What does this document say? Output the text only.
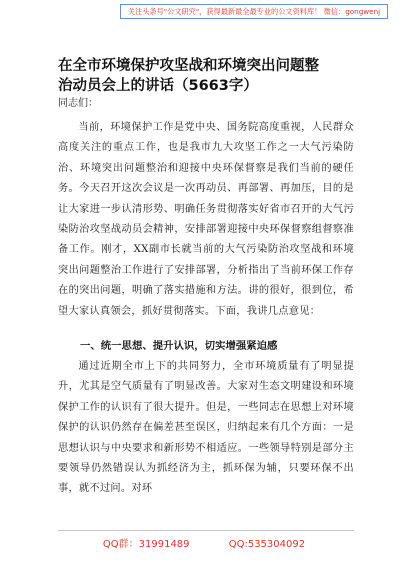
关注头条号"公文研究"，获得最新最全最专业的公文资料库！ 微信：gongwenj
在全市环境保护攻坚战和环境突出问题整
治动员会上的讲话（5663字）
同志们：
当前，环境保护工作是党中央、国务院高度重视，人民群众高度关注的重点工作，也是我市九大攻坚工作之一大气污染防治、环境突出问题整治和迎接中央环保督察是我们当前的硬任务。今天召开这次会议是一次再动员、再部署、再加压，目的是让大家进一步认清形势、明确任务贯彻落实好省市召开的大气污染防治攻坚战动员会精神，安排部署迎接中央环保督察组督察准备工作。刚才，XX副市长就当前的大气污染防治攻坚战和环境突出问题整治工作进行了安排部署，分析指出了当前环保工作存在的突出问题，明确了落实措施和方法。讲的很好，很到位，希望大家认真领会，抓好贯彻落实。下面，我讲几点意见：
一、统一思想、提升认识，切实增强紧迫感
通过近期全市上下的共同努力，全市环境质量有了明显提升，尤其是空气质量有了明显改善。大家对生态文明建设和环境保护工作的认识有了很大提升。但是，一些同志在思想上对环境保护的认识仍然存在偏差甚至误区，归纳起来有几个方面：一是思想认识与中央要求和新形势不相适应。一些领导特别是部分主要领导仍然错误认为抓经济为主，抓环保为辅，只要环保不出事，就不过问。对环
QQ群：31991489	QQ:535304092
